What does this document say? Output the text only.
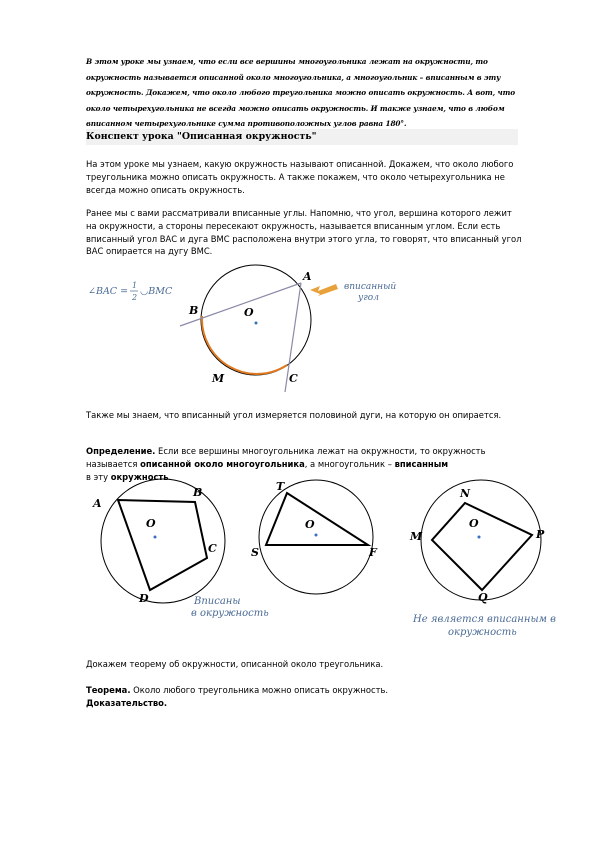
В этом уроке мы узнаем, что если все вершины многоугольника лежат на окружности, то окружность называется описанной около многоугольника, а многоугольник – вписанным в эту окружность. Докажем, что около любого треугольника можно описать окружность. А вот, что около четырехугольника не всегда можно описать окружность. И также узнаем, что в любом вписанном четырехугольнике сумма противоположных углов равна 180°.
Конспект урока "Описанная окружность"
На этом уроке мы узнаем, какую окружность называют описанной. Докажем, что около любого треугольника можно описать окружность. А также покажем, что около четырехугольника не всегда можно описать окружность.
Ранее мы с вами рассматривали вписанные углы. Напомню, что угол, вершина которого лежит на окружности, а стороны пересекают окружность, называется вписанным углом. Если есть вписанный угол ВАС и дуга ВМС расположена внутри этого угла, то говорят, что вписанный угол ВАС опирается на дугу ВМС.
∠BAC =
1
2
◡BMC
A
B
C
M
O
вписанный
угол
A
B
C
D
O
T
S	F
O
N
M	P
Q
O
Вписаны
в окружность
Не является вписанным в
окружность
Также мы знаем, что вписанный угол измеряется половиной дуги, на которую он опирается.
Определение. Если все вершины многоугольника лежат на окружности, то окружность называется описанной около многоугольника, а многоугольник – вписанным
в эту окружность.
Докажем теорему об окружности, описанной около треугольника.
Теорема. Около любого треугольника можно описать окружность.
Доказательство.
